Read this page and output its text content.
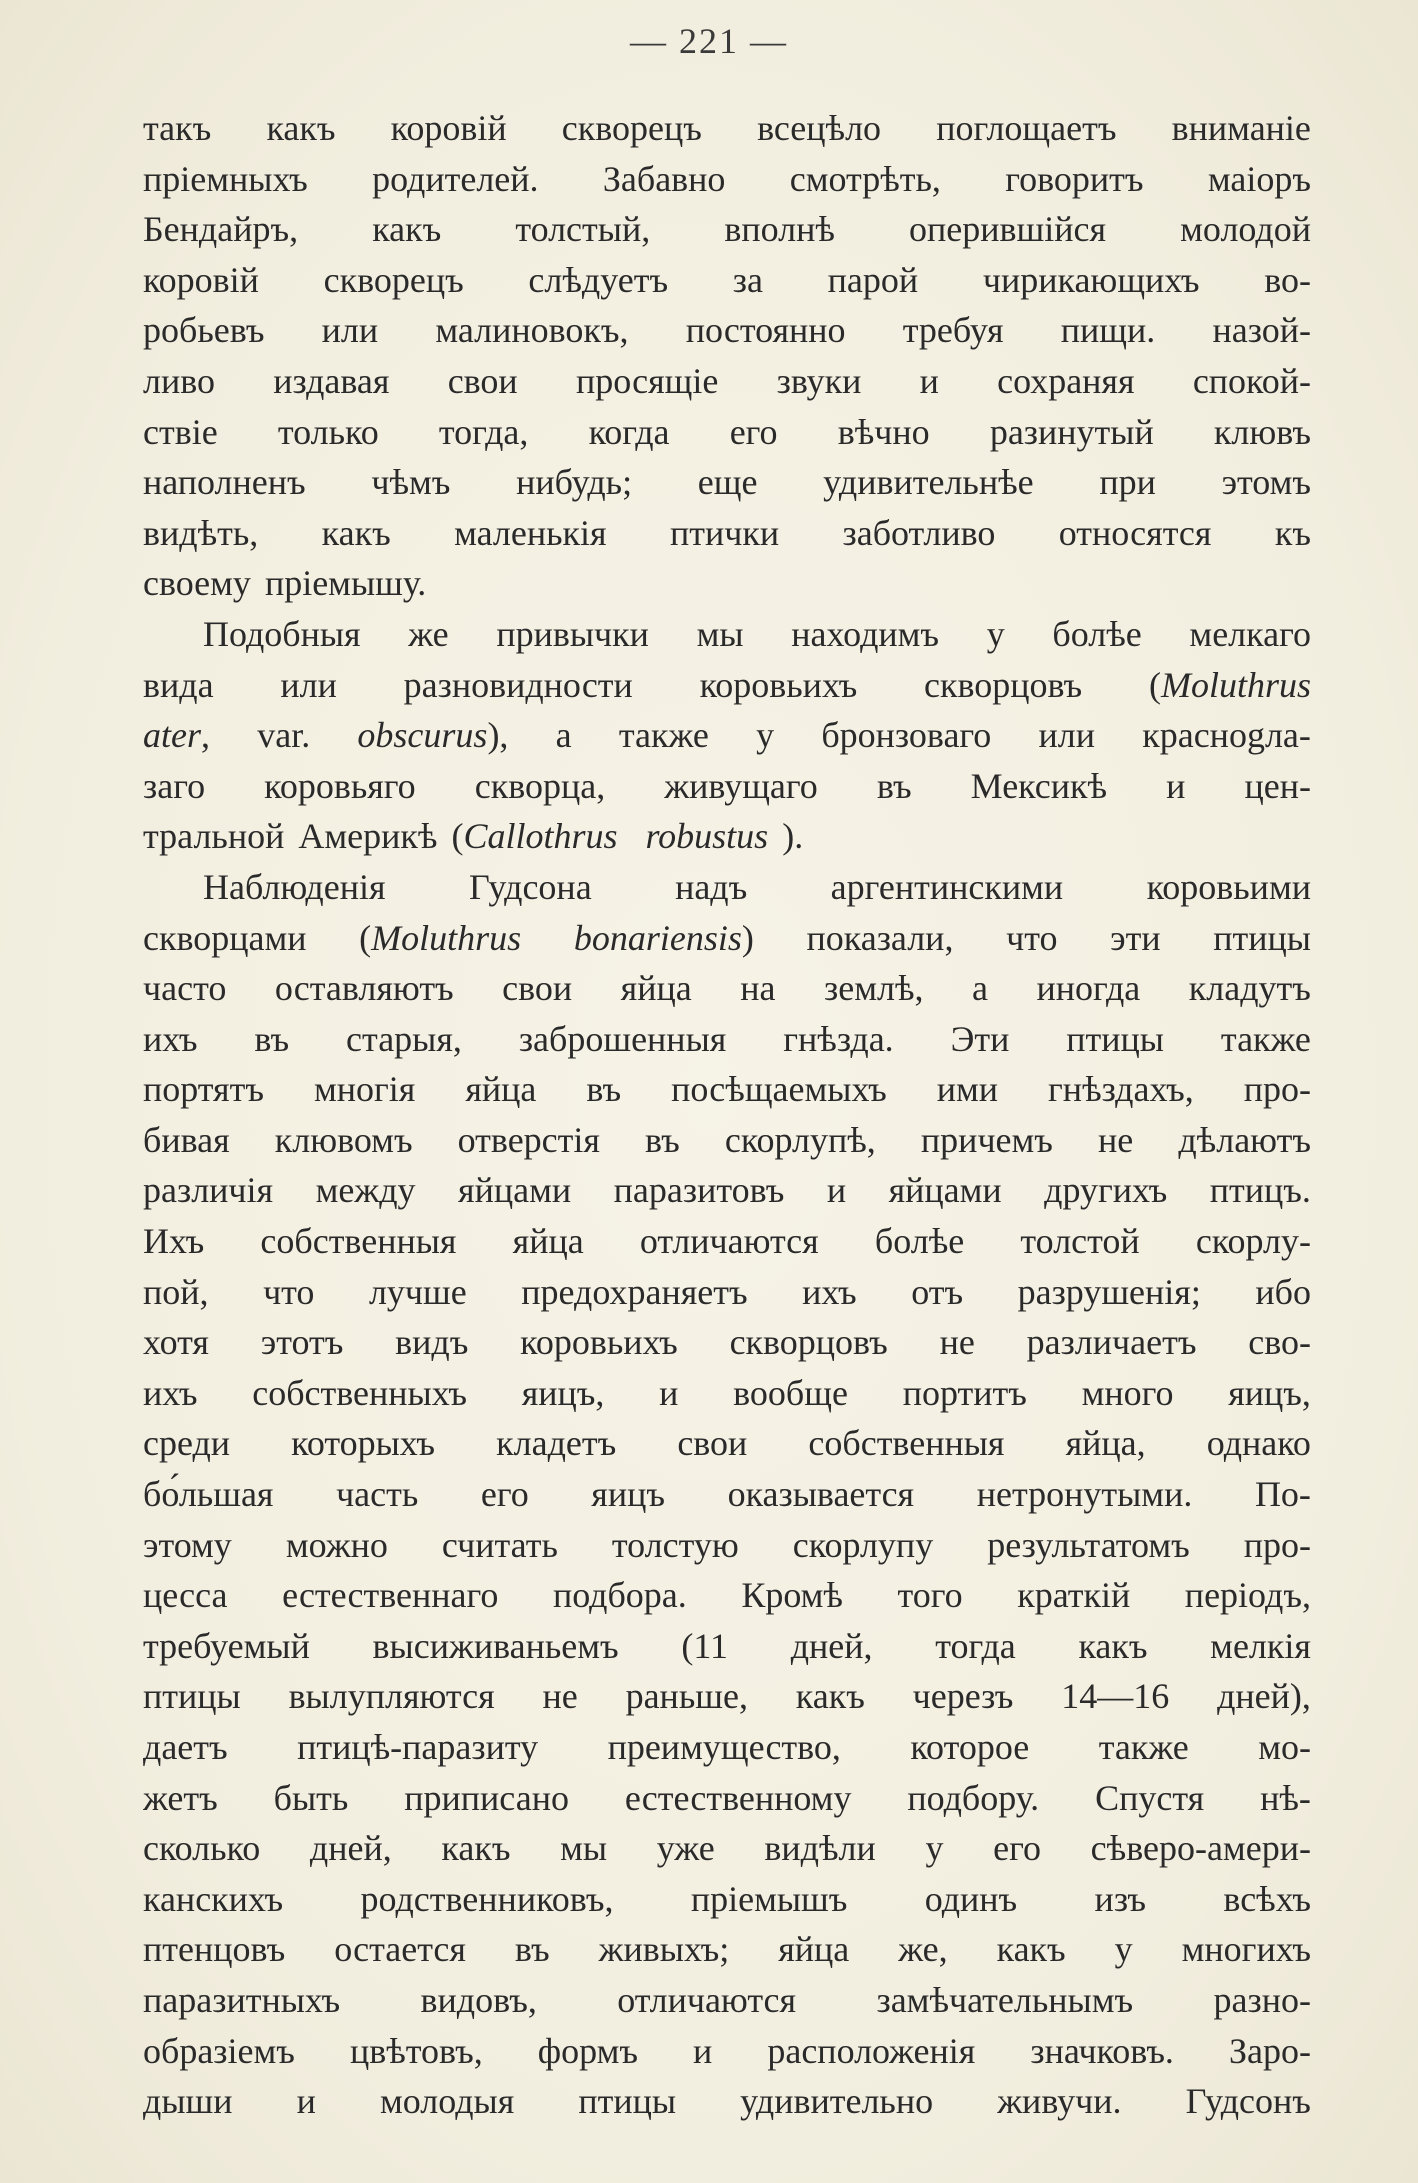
— 221 —
такъ какъ коровій скворецъ всецѣло поглощаетъ вниманіе
пріемныхъ родителей. Забавно смотрѣть, говоритъ маіоръ
Бендайръ, какъ толстый, вполнѣ оперившійся молодой
коровій скворецъ слѣдуетъ за парой чирикающихъ во-
робьевъ или малиновокъ, постоянно требуя пищи. назой-
ливо издавая свои просящіе звуки и сохраняя спокой-
ствіе только тогда, когда его вѣчно разинутый клювъ
наполненъ чѣмъ нибудь; еще удивительнѣе при этомъ
видѣть, какъ маленькія птички заботливо относятся къ
своему пріемышу.
Подобныя же привычки мы находимъ у болѣе мелкаго
вида или разновидности коровьихъ скворцовъ (Moluthrus
ater, var. obscurus), а также у бронзоваго или краснogла-
заго коровьяго скворца, живущаго въ Мексикѣ и цен-
тральной Америкѣ (Callothrus robustus ).
Наблюденія Гудсона надъ аргентинскими коровьими
скворцами (Moluthrus bonariensis) показали, что эти птицы
часто оставляютъ свои яйца на землѣ, а иногда кладутъ
ихъ въ старыя, заброшенныя гнѣзда. Эти птицы также
портятъ многія яйца въ посѣщаемыхъ ими гнѣздахъ, про-
бивая клювомъ отверстія въ скорлупѣ, причемъ не дѣлаютъ
различія между яйцами паразитовъ и яйцами другихъ птицъ.
Ихъ собственныя яйца отличаются болѣе толстой скорлу-
пой, что лучше предохраняетъ ихъ отъ разрушенія; ибо
хотя этотъ видъ коровьихъ скворцовъ не различаетъ сво-
ихъ собственныхъ яицъ, и вообще портитъ много яицъ,
среди которыхъ кладетъ свои собственныя яйца, однако
бо́льшая часть его яицъ оказывается нетронутыми. По-
этому можно считать толстую скорлупу результатомъ про-
цесса естественнаго подбора. Кромѣ того краткій періодъ,
требуемый высиживаньемъ (11 дней, тогда какъ мелкія
птицы вылупляются не раньше, какъ черезъ 14—16 дней),
даетъ птицѣ-паразиту преимущество, которое также мо-
жетъ быть приписано естественному подбору. Спустя нѣ-
сколько дней, какъ мы уже видѣли у его сѣверо-амери-
канскихъ родственниковъ, пріемышъ одинъ изъ всѣхъ
птенцовъ остается въ живыхъ; яйца же, какъ у многихъ
паразитныхъ видовъ, отличаются замѣчательнымъ разно-
образіемъ цвѣтовъ, формъ и расположенія значковъ. Заро-
дыши и молодыя птицы удивительно живучи. Гудсонъ
